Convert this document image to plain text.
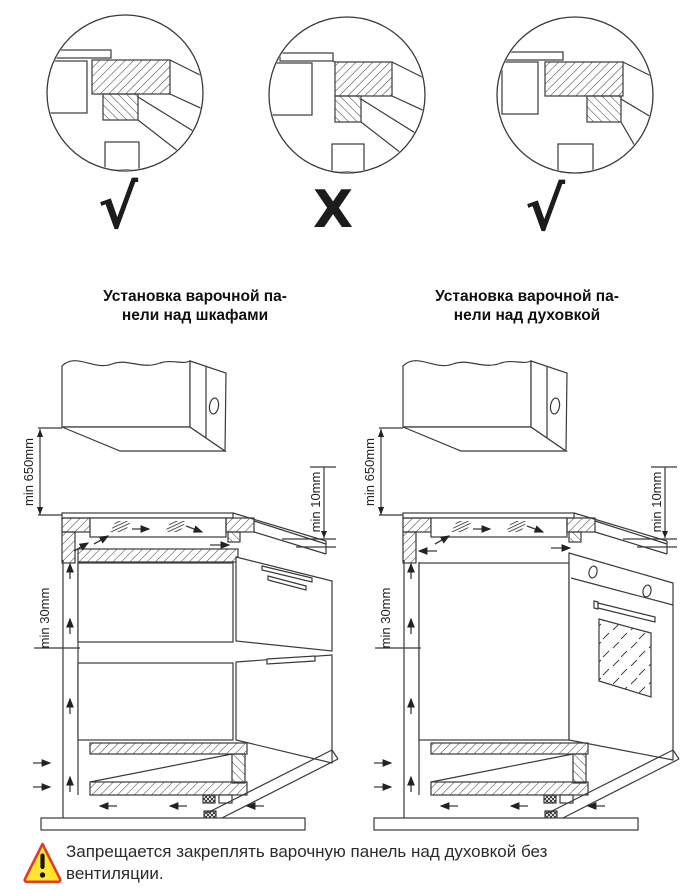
√	X	√
Установка варочной па-
нели над шкафами
Установка варочной па-
нели над духовкой
min 650mm	min 10mm
min 30mm
min 650mm	min 10mm
min 30mm
Запрещается закреплять варочную панель над духовкой без
вентиляции.
